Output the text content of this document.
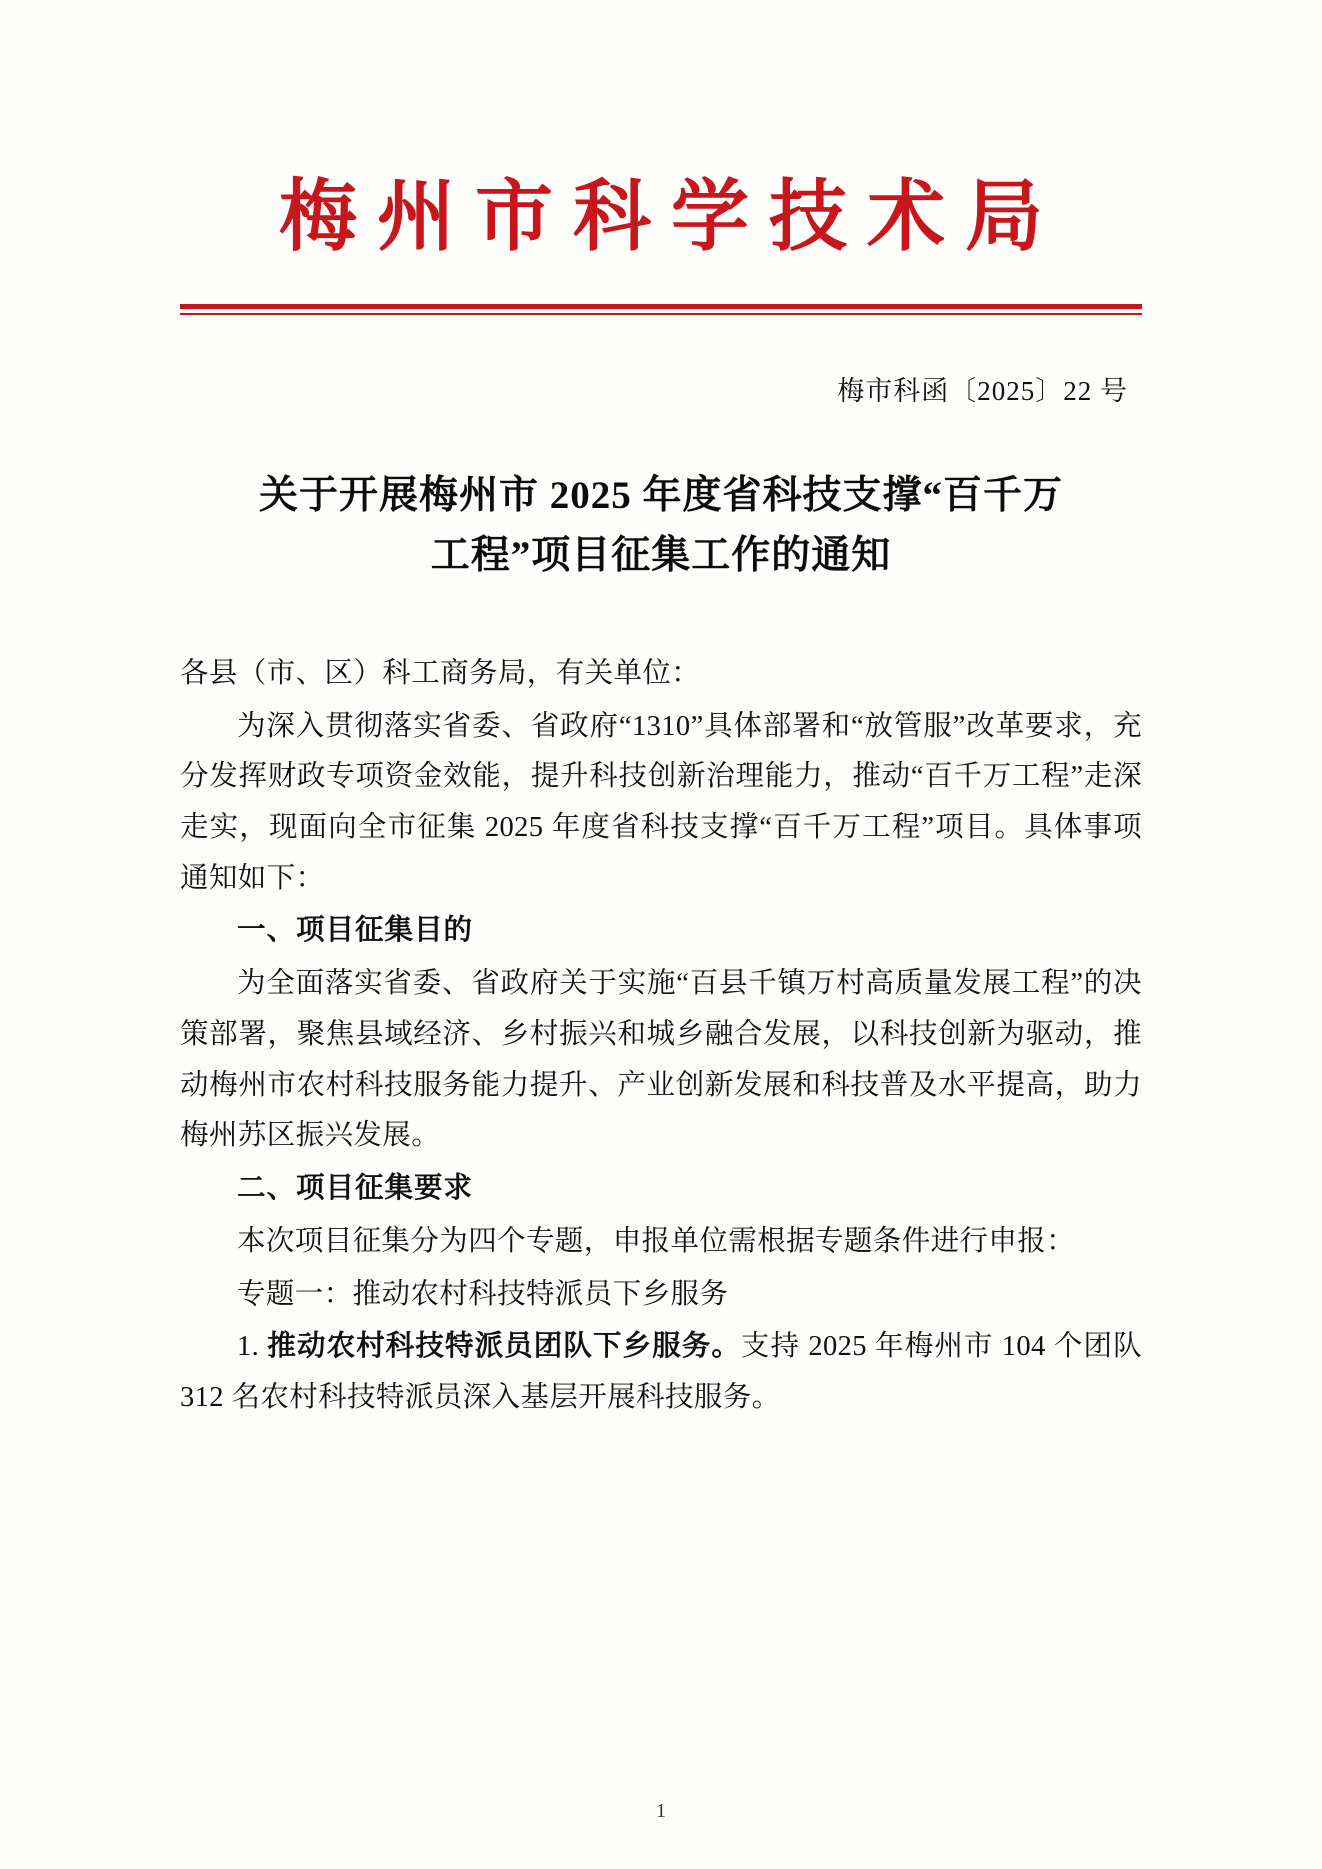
梅州市科学技术局
梅市科函〔2025〕22 号
关于开展梅州市 2025 年度省科技支撑“百千万
工程”项目征集工作的通知

各县（市、区）科工商务局，有关单位：

为深入贯彻落实省委、省政府“1310”具体部署和“放管服”改革要求，充分发挥财政专项资金效能，提升科技创新治理能力，推动“百千万工程”走深走实，现面向全市征集 2025 年度省科技支撑“百千万工程”项目。具体事项通知如下：

一、项目征集目的

为全面落实省委、省政府关于实施“百县千镇万村高质量发展工程”的决策部署，聚焦县域经济、乡村振兴和城乡融合发展，以科技创新为驱动，推动梅州市农村科技服务能力提升、产业创新发展和科技普及水平提高，助力梅州苏区振兴发展。

二、项目征集要求

本次项目征集分为四个专题，申报单位需根据专题条件进行申报：

专题一：推动农村科技特派员下乡服务

1. 推动农村科技特派员团队下乡服务。支持 2025 年梅州市 104 个团队 312 名农村科技特派员深入基层开展科技服务。

1
